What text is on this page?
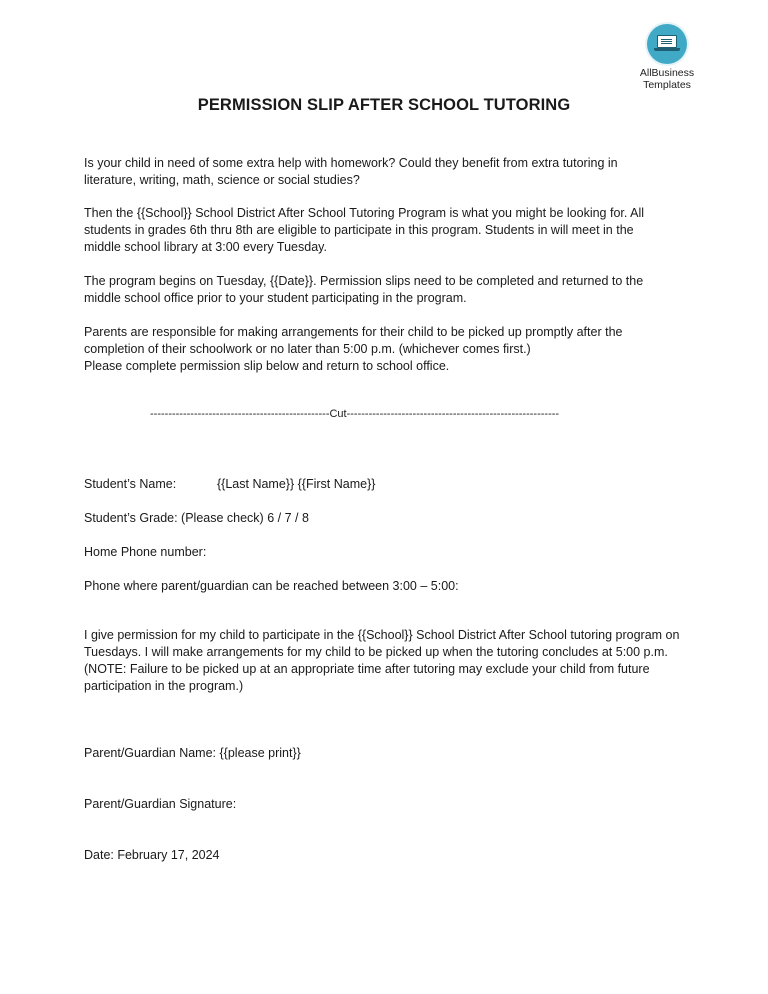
AllBusiness
Templates
PERMISSION SLIP AFTER SCHOOL TUTORING

Is your child in need of some extra help with homework? Could they benefit from extra tutoring in literature, writing, math, science or social studies?

Then the {{School}} School District After School Tutoring Program is what you might be looking for. All students in grades 6th thru 8th are eligible to participate in this program. Students in will meet in the middle school library at 3:00 every Tuesday.

The program begins on Tuesday, {{Date}}. Permission slips need to be completed and returned to the middle school office prior to your student participating in the program.

Parents are responsible for making arrangements for their child to be picked up promptly after the completion of their schoolwork or no later than 5:00 p.m. (whichever comes first.)
Please complete permission slip below and return to school office.
-------------------------------------------------Cut----------------------------------------------------------
Student’s Name:	{{Last Name}} {{First Name}}
Student’s Grade: (Please check) 6 / 7 / 8
Home Phone number:
Phone where parent/guardian can be reached between 3:00 – 5:00:

I give permission for my child to participate in the {{School}} School District After School tutoring program on Tuesdays. I will make arrangements for my child to be picked up when the tutoring concludes at 5:00 p.m. (NOTE: Failure to be picked up at an appropriate time after tutoring may exclude your child from future participation in the program.)

Parent/Guardian Name: {{please print}}
Parent/Guardian Signature:
Date: February 17, 2024
